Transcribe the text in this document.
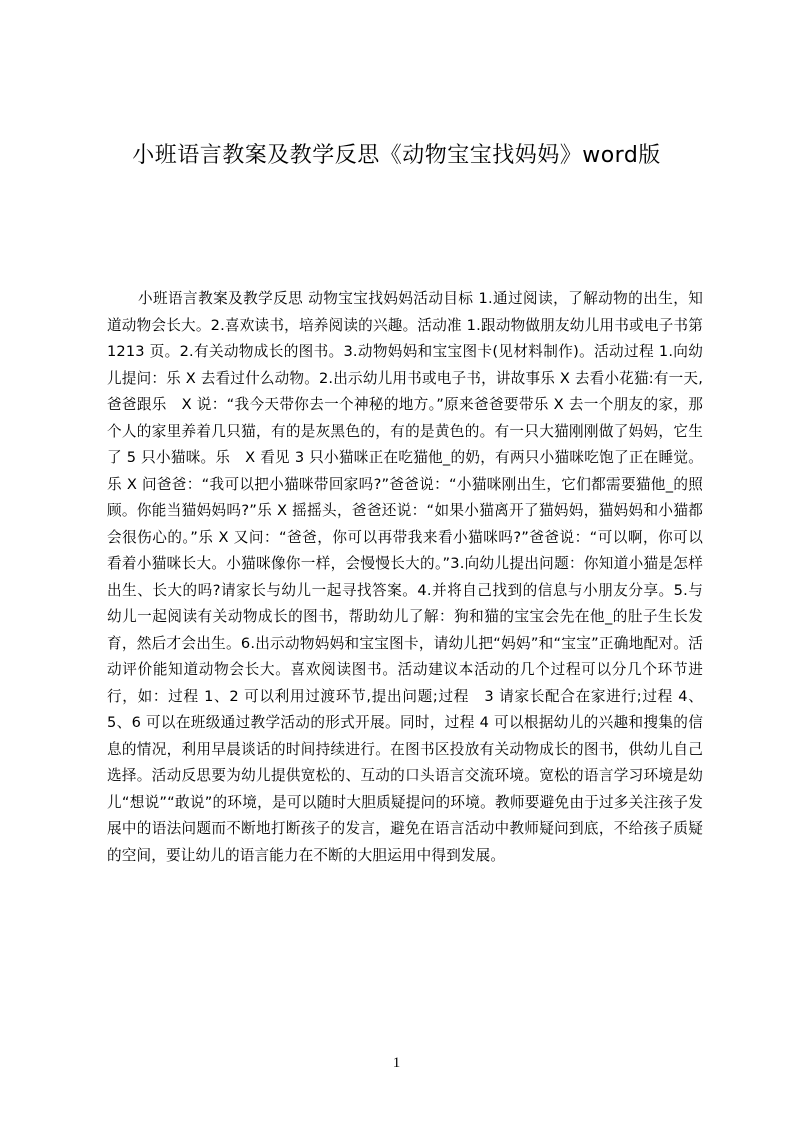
小班语言教案及教学反思《动物宝宝找妈妈》word版

小班语言教案及教学反思 动物宝宝找妈妈活动目标 1.通过阅读，了解动物的出生，知道动物会长大。2.喜欢读书，培养阅读的兴趣。活动准 1.跟动物做朋友幼儿用书或电子书第 1213 页。2.有关动物成长的图书。3.动物妈妈和宝宝图卡(见材料制作)。活动过程 1.向幼儿提问：乐 X 去看过什么动物。2.出示幼儿用书或电子书，讲故事乐 X 去看小花猫:有一天,爸爸跟乐　X 说：“我今天带你去一个神秘的地方。”原来爸爸要带乐 X 去一个朋友的家，那个人的家里养着几只猫，有的是灰黑色的，有的是黄色的。有一只大猫刚刚做了妈妈，它生了 5 只小猫咪。乐　X 看见 3 只小猫咪正在吃猫他_的奶，有两只小猫咪吃饱了正在睡觉。乐 X 问爸爸：“我可以把小猫咪带回家吗?”爸爸说：“小猫咪刚出生，它们都需要猫他_的照顾。你能当猫妈妈吗?”乐 X 摇摇头，爸爸还说：“如果小猫离开了猫妈妈，猫妈妈和小猫都会很伤心的。”乐 X 又问：“爸爸，你可以再带我来看小猫咪吗?”爸爸说：“可以啊，你可以看着小猫咪长大。小猫咪像你一样，会慢慢长大的。”3.向幼儿提出问题：你知道小猫是怎样出生、长大的吗?请家长与幼儿一起寻找答案。4.并将自己找到的信息与小朋友分享。5.与幼儿一起阅读有关动物成长的图书，帮助幼儿了解：狗和猫的宝宝会先在他_的肚子生长发育，然后才会出生。6.出示动物妈妈和宝宝图卡，请幼儿把“妈妈”和“宝宝”正确地配对。活动评价能知道动物会长大。喜欢阅读图书。活动建议本活动的几个过程可以分几个环节进行，如：过程 1、2 可以利用过渡环节,提出问题;过程　3 请家长配合在家进行;过程 4、5、6 可以在班级通过教学活动的形式开展。同时，过程 4 可以根据幼儿的兴趣和搜集的信息的情况，利用早晨谈话的时间持续进行。在图书区投放有关动物成长的图书，供幼儿自己选择。活动反思要为幼儿提供宽松的、互动的口头语言交流环境。宽松的语言学习环境是幼儿“想说”“敢说”的环境，是可以随时大胆质疑提问的环境。教师要避免由于过多关注孩子发展中的语法问题而不断地打断孩子的发言，避免在语言活动中教师疑问到底，不给孩子质疑的空间，要让幼儿的语言能力在不断的大胆运用中得到发展。

1
